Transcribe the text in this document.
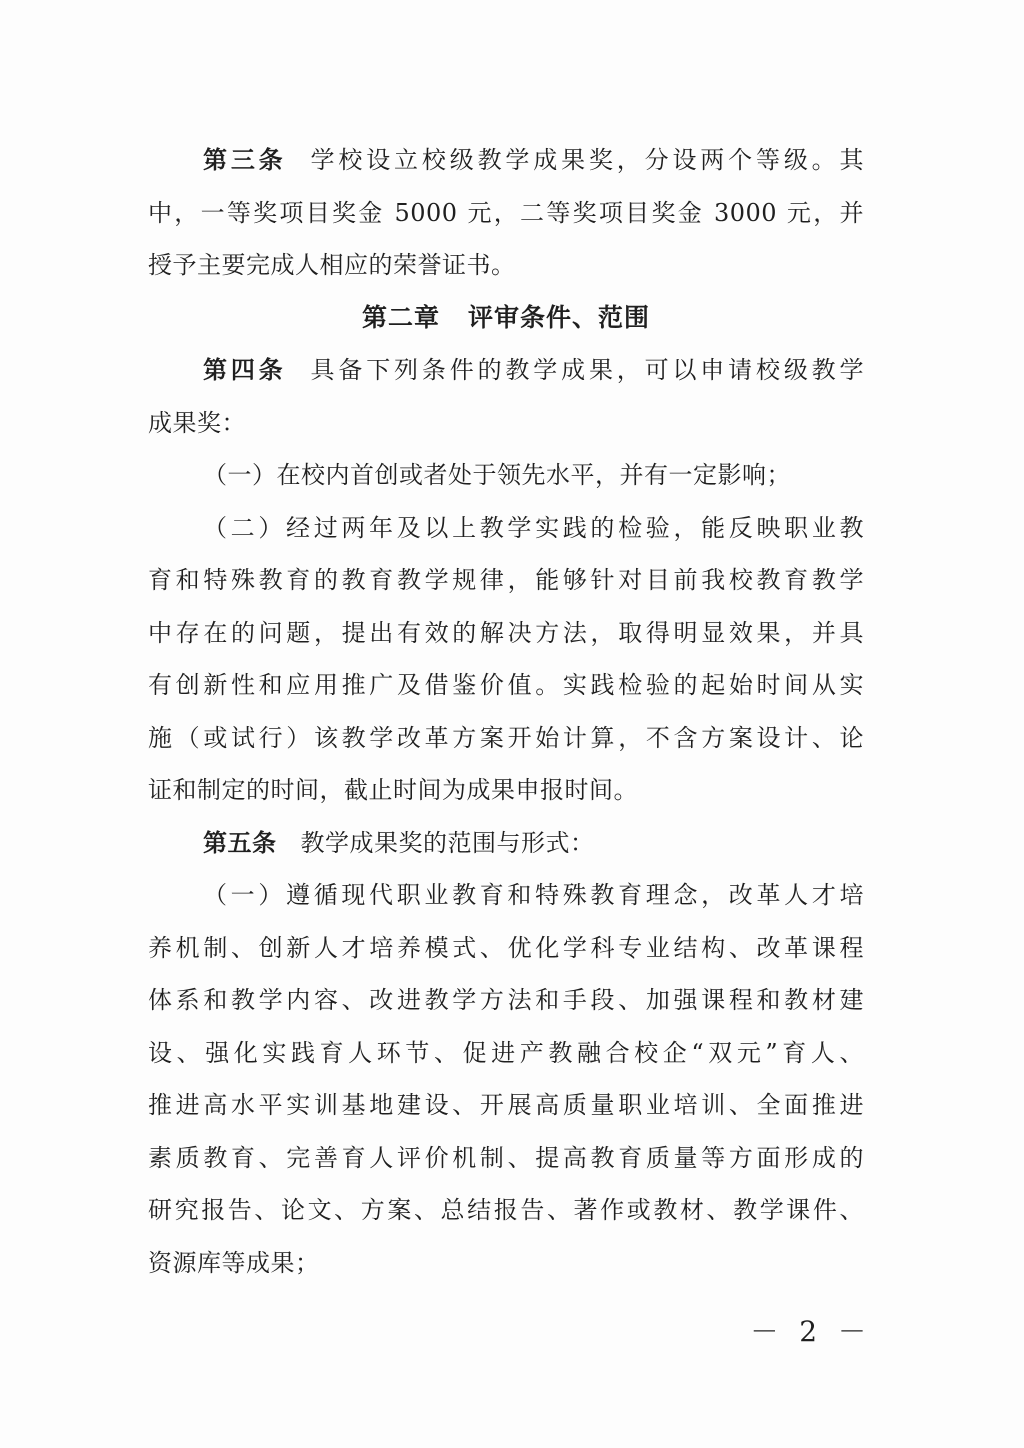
第三条 学校设立校级教学成果奖，分设两个等级。其
中，一等奖项目奖金 5000 元，二等奖项目奖金 3000 元，并
授予主要完成人相应的荣誉证书。
第二章 评审条件、范围
第四条 具备下列条件的教学成果，可以申请校级教学
成果奖：
（一）在校内首创或者处于领先水平，并有一定影响；
（二）经过两年及以上教学实践的检验，能反映职业教
育和特殊教育的教育教学规律，能够针对目前我校教育教学
中存在的问题，提出有效的解决方法，取得明显效果，并具
有创新性和应用推广及借鉴价值。实践检验的起始时间从实
施（或试行）该教学改革方案开始计算，不含方案设计、论
证和制定的时间，截止时间为成果申报时间。
第五条 教学成果奖的范围与形式：
（一）遵循现代职业教育和特殊教育理念，改革人才培
养机制、创新人才培养模式、优化学科专业结构、改革课程
体系和教学内容、改进教学方法和手段、加强课程和教材建
设、强化实践育人环节、促进产教融合校企“双元”育人、
推进高水平实训基地建设、开展高质量职业培训、全面推进
素质教育、完善育人评价机制、提高教育质量等方面形成的
研究报告、论文、方案、总结报告、著作或教材、教学课件、
资源库等成果；
－ 2 －
